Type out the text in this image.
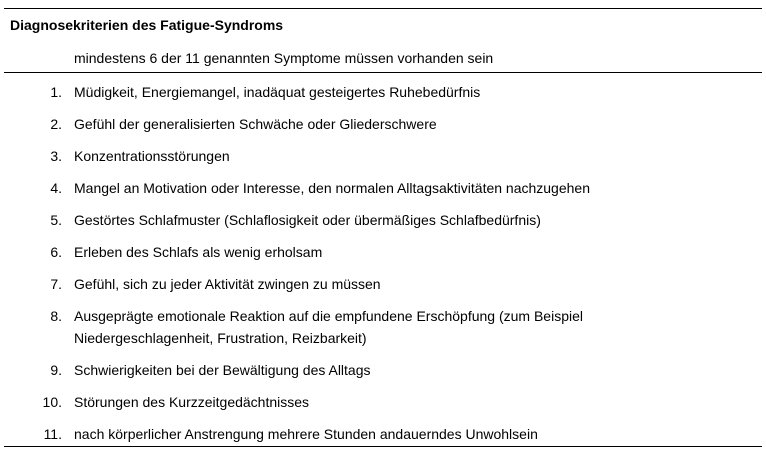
Diagnosekriterien des Fatigue-Syndroms
mindestens 6 der 11 genannten Symptome müssen vorhanden sein
1. Müdigkeit, Energiemangel, inadäquat gesteigertes Ruhebedürfnis
2. Gefühl der generalisierten Schwäche oder Gliederschwere
3. Konzentrationsstörungen
4. Mangel an Motivation oder Interesse, den normalen Alltagsaktivitäten nachzugehen
5. Gestörtes Schlafmuster (Schlaflosigkeit oder übermäßiges Schlafbedürfnis)
6. Erleben des Schlafs als wenig erholsam
7. Gefühl, sich zu jeder Aktivität zwingen zu müssen
8. Ausgeprägte emotionale Reaktion auf die empfundene Erschöpfung (zum Beispiel Niedergeschlagenheit, Frustration, Reizbarkeit)
9. Schwierigkeiten bei der Bewältigung des Alltags
10. Störungen des Kurzzeitgedächtnisses
11. nach körperlicher Anstrengung mehrere Stunden andauerndes Unwohlsein
